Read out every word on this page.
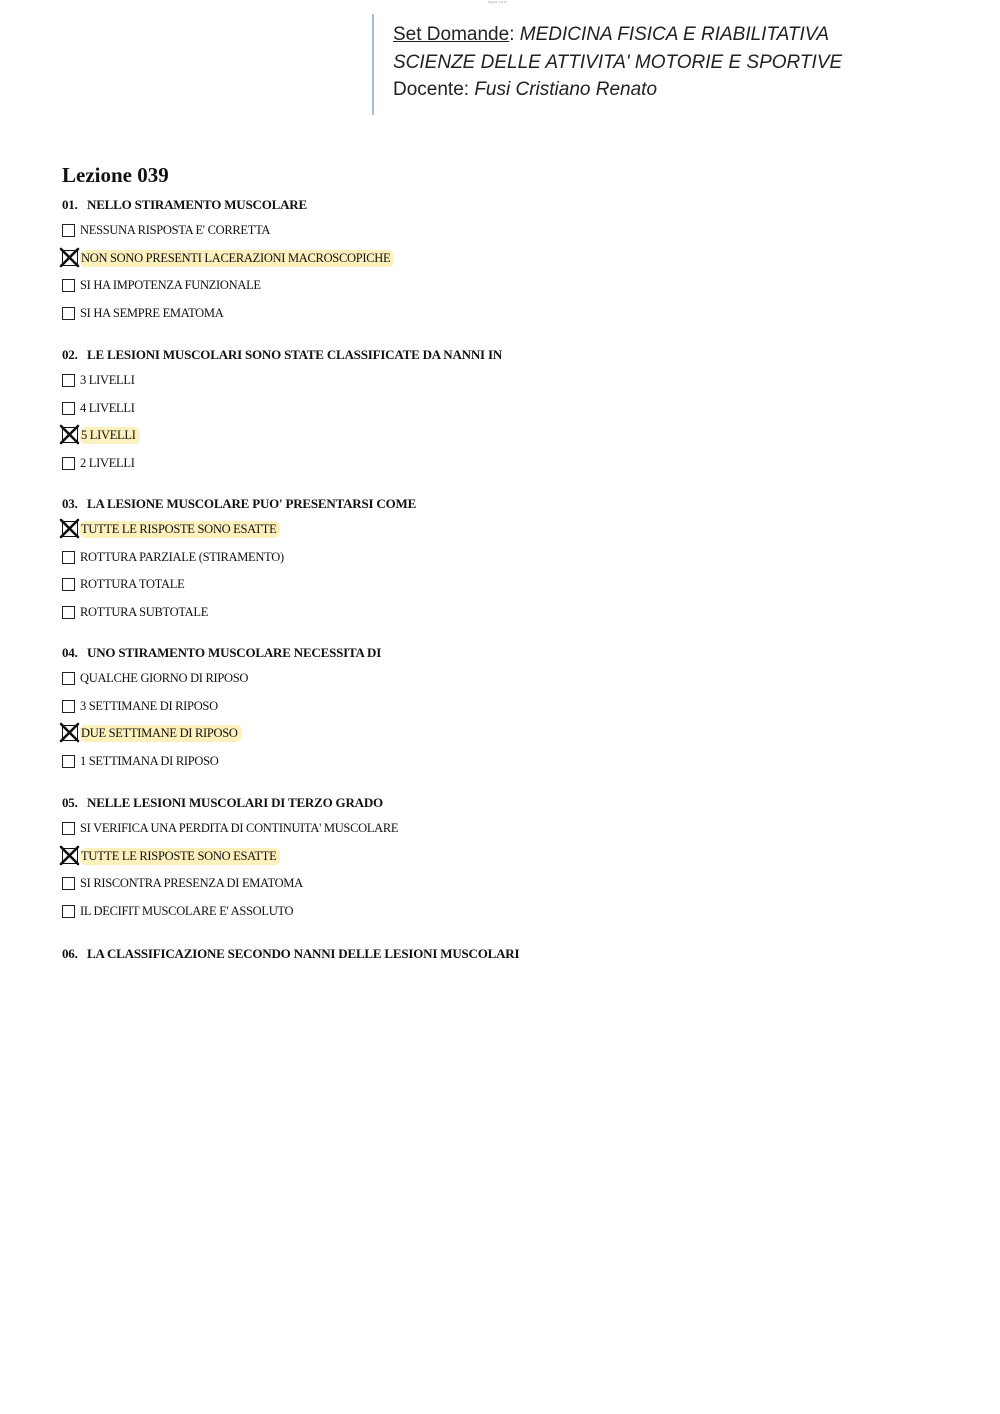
Pagina 1 di 10
Set Domande: MEDICINA FISICA E RIABILITATIVA
SCIENZE DELLE ATTIVITA' MOTORIE E SPORTIVE
Docente: Fusi Cristiano Renato
Lezione 039
01. NELLO STIRAMENTO MUSCOLARE
NESSUNA RISPOSTA E' CORRETTA
NON SONO PRESENTI LACERAZIONI MACROSCOPICHE
SI HA IMPOTENZA FUNZIONALE
SI HA SEMPRE EMATOMA
02. LE LESIONI MUSCOLARI SONO STATE CLASSIFICATE DA NANNI IN
3 LIVELLI
4 LIVELLI
5 LIVELLI
2 LIVELLI
03. LA LESIONE MUSCOLARE PUO' PRESENTARSI COME
TUTTE LE RISPOSTE SONO ESATTE
ROTTURA PARZIALE (STIRAMENTO)
ROTTURA TOTALE
ROTTURA SUBTOTALE
04. UNO STIRAMENTO MUSCOLARE NECESSITA DI
QUALCHE GIORNO DI RIPOSO
3 SETTIMANE DI RIPOSO
DUE SETTIMANE DI RIPOSO
1 SETTIMANA DI RIPOSO
05. NELLE LESIONI MUSCOLARI DI TERZO GRADO
SI VERIFICA UNA PERDITA DI CONTINUITA' MUSCOLARE
TUTTE LE RISPOSTE SONO ESATTE
SI RISCONTRA PRESENZA DI EMATOMA
IL DECIFIT MUSCOLARE E' ASSOLUTO
06. LA CLASSIFICAZIONE SECONDO NANNI DELLE LESIONI MUSCOLARI
